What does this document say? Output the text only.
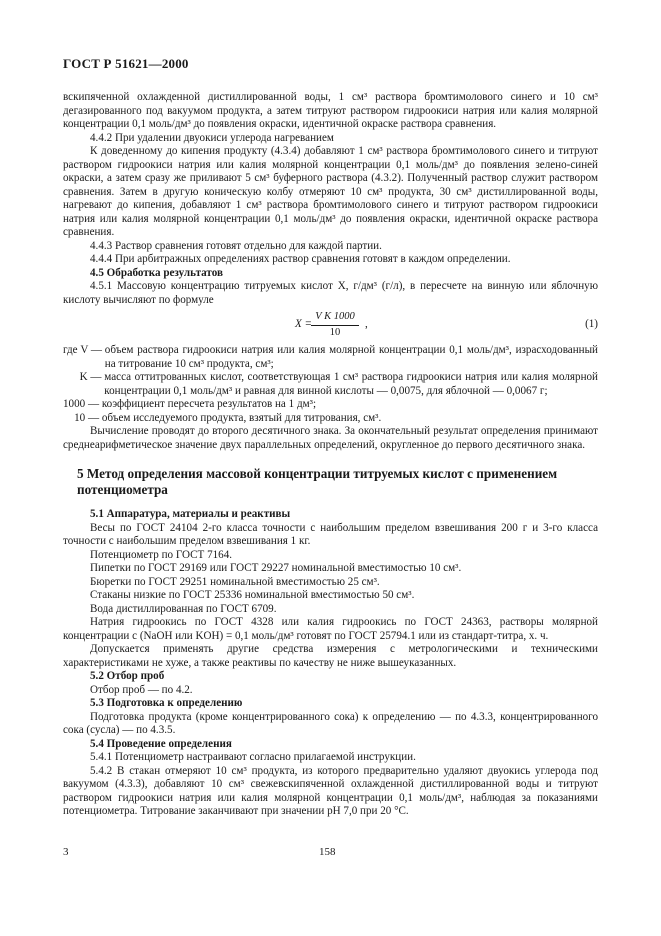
ГОСТ Р 51621—2000

вскипяченной охлажденной дистиллированной воды, 1 см³ раствора бромтимолового синего и 10 см³ дегазированного под вакуумом продукта, а затем титруют раствором гидроокиси натрия или калия молярной концентрации 0,1 моль/дм³ до появления окраски, идентичной окраске раствора сравнения.

4.4.2 При удалении двуокиси углерода нагреванием

К доведенному до кипения продукту (4.3.4) добавляют 1 см³ раствора бромтимолового синего и титруют раствором гидроокиси натрия или калия молярной концентрации 0,1 моль/дм³ до появления зелено-синей окраски, а затем сразу же приливают 5 см³ буферного раствора (4.3.2). Полученный раствор служит раствором сравнения. Затем в другую коническую колбу отмеряют 10 см³ продукта, 30 см³ дистиллированной воды, нагревают до кипения, добавляют 1 см³ раствора бромтимолового синего и титруют раствором гидроокиси натрия или калия молярной концентрации 0,1 моль/дм³ до появления окраски, идентичной окраске раствора сравнения.

4.4.3 Раствор сравнения готовят отдельно для каждой партии.

4.4.4 При арбитражных определениях раствор сравнения готовят в каждом определении.

4.5 Обработка результатов

4.5.1 Массовую концентрацию титруемых кислот X, г/дм³ (г/л), в пересчете на винную или яблочную кислоту вычисляют по формуле

X =
$\frac{\text{V K 1000}}{10}$ ,	(1)
где V — объем раствора гидроокиси натрия или калия молярной концентрации 0,1 моль/дм³, израсходованный на титрование 10 см³ продукта, см³;
K — масса оттитрованных кислот, соответствующая 1 см³ раствора гидроокиси натрия или калия молярной концентрации 0,1 моль/дм³ и равная для винной кислоты — 0,0075, для яблочной — 0,0067 г;
1000 — коэффициент пересчета результатов на 1 дм³;
10 — объем исследуемого продукта, взятый для титрования, см³.

Вычисление проводят до второго десятичного знака. За окончательный результат определения принимают среднеарифметическое значение двух параллельных определений, округленное до первого десятичного знака.

5 Метод определения массовой концентрации титруемых кислот с применением потенциометра

5.1 Аппаратура, материалы и реактивы

Весы по ГОСТ 24104 2-го класса точности с наибольшим пределом взвешивания 200 г и 3-го класса точности с наибольшим пределом взвешивания 1 кг.

Потенциометр по ГОСТ 7164.

Пипетки по ГОСТ 29169 или ГОСТ 29227 номинальной вместимостью 10 см³.

Бюретки по ГОСТ 29251 номинальной вместимостью 25 см³.

Стаканы низкие по ГОСТ 25336 номинальной вместимостью 50 см³.

Вода дистиллированная по ГОСТ 6709.

Натрия гидроокись по ГОСТ 4328 или калия гидроокись по ГОСТ 24363, растворы молярной концентрации c (NaOH или KOH) = 0,1 моль/дм³ готовят по ГОСТ 25794.1 или из стандарт-титра, х. ч.

Допускается применять другие средства измерения с метрологическими и техническими характеристиками не хуже, а также реактивы по качеству не ниже вышеуказанных.

5.2 Отбор проб

Отбор проб — по 4.2.

5.3 Подготовка к определению

Подготовка продукта (кроме концентрированного сока) к определению — по 4.3.3, концентрированного сока (сусла) — по 4.3.5.

5.4 Проведение определения

5.4.1 Потенциометр настраивают согласно прилагаемой инструкции.

5.4.2 В стакан отмеряют 10 см³ продукта, из которого предварительно удаляют двуокись углерода под вакуумом (4.3.3), добавляют 10 см³ свежевскипяченной охлажденной дистиллированной воды и титруют раствором гидроокиси натрия или калия молярной концентрации 0,1 моль/дм³, наблюдая за показаниями потенциометра. Титрование заканчивают при значении pH 7,0 при 20 °С.

3	158
